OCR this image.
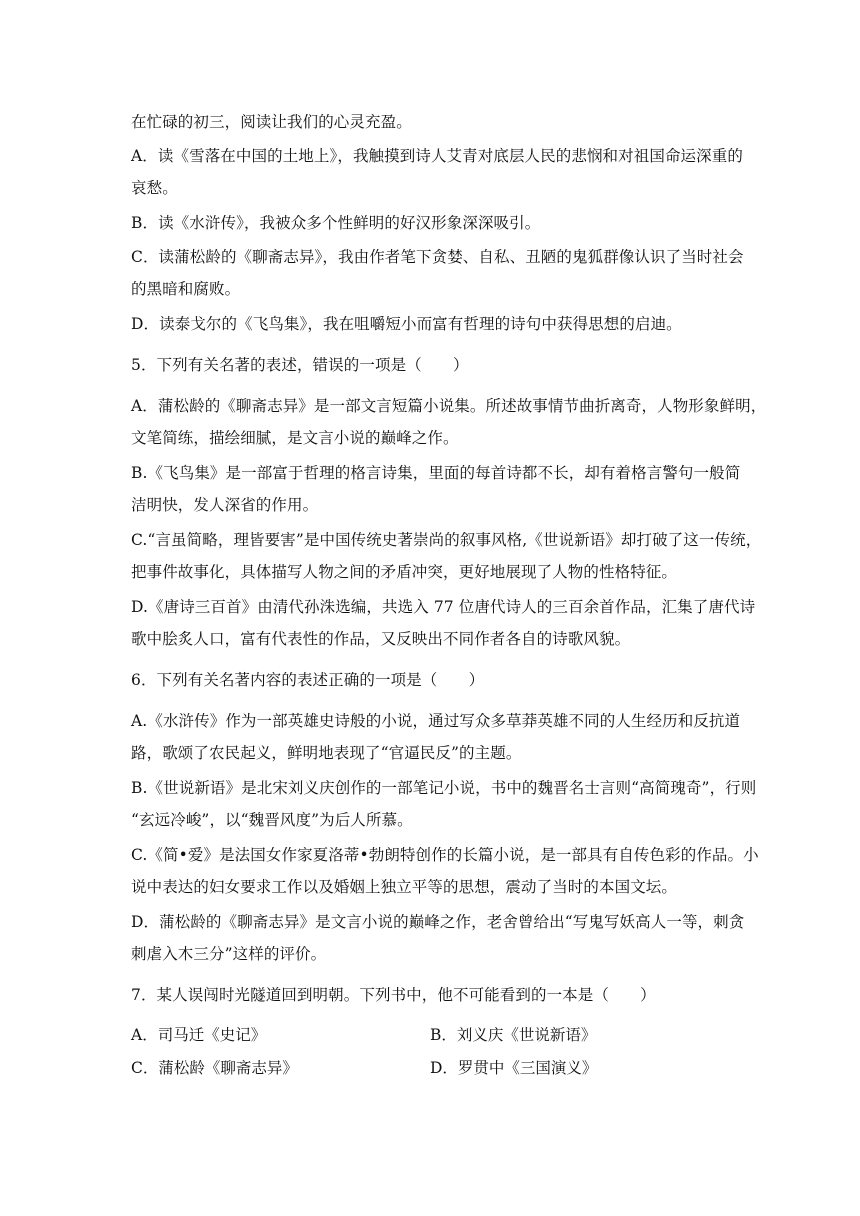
在忙碌的初三，阅读让我们的心灵充盈。
A．读《雪落在中国的土地上》，我触摸到诗人艾青对底层人民的悲悯和对祖国命运深重的
哀愁。
B．读《水浒传》，我被众多个性鲜明的好汉形象深深吸引。
C．读蒲松龄的《聊斋志异》，我由作者笔下贪婪、自私、丑陋的鬼狐群像认识了当时社会
的黑暗和腐败。
D．读泰戈尔的《飞鸟集》，我在咀嚼短小而富有哲理的诗句中获得思想的启迪。
5．下列有关名著的表述，错误的一项是（　　）
A．蒲松龄的《聊斋志异》是一部文言短篇小说集。所述故事情节曲折离奇，人物形象鲜明，
文笔简练，描绘细腻，是文言小说的巅峰之作。
B.《飞鸟集》是一部富于哲理的格言诗集，里面的每首诗都不长，却有着格言警句一般简
洁明快，发人深省的作用。
C.“言虽简略，理皆要害”是中国传统史著崇尚的叙事风格,《世说新语》却打破了这一传统，
把事件故事化，具体描写人物之间的矛盾冲突，更好地展现了人物的性格特征。
D.《唐诗三百首》由清代孙洙选编，共选入 77 位唐代诗人的三百余首作品，汇集了唐代诗
歌中脍炙人口，富有代表性的作品，又反映出不同作者各自的诗歌风貌。
6．下列有关名著内容的表述正确的一项是（　　）
A.《水浒传》作为一部英雄史诗般的小说，通过写众多草莽英雄不同的人生经历和反抗道
路，歌颂了农民起义，鲜明地表现了“官逼民反”的主题。
B.《世说新语》是北宋刘义庆创作的一部笔记小说，书中的魏晋名士言则“高简瑰奇”，行则
“玄远冷峻”，以“魏晋风度”为后人所慕。
C.《简•爱》是法国女作家夏洛蒂•勃朗特创作的长篇小说，是一部具有自传色彩的作品。小
说中表达的妇女要求工作以及婚姻上独立平等的思想，震动了当时的本国文坛。
D．蒲松龄的《聊斋志异》是文言小说的巅峰之作，老舍曾给出“写鬼写妖高人一等，刺贪
刺虐入木三分”这样的评价。
7．某人误闯时光隧道回到明朝。下列书中，他不可能看到的一本是（　　）
A．司马迁《史记》	B．刘义庆《世说新语》
C．蒲松龄《聊斋志异》	D．罗贯中《三国演义》
